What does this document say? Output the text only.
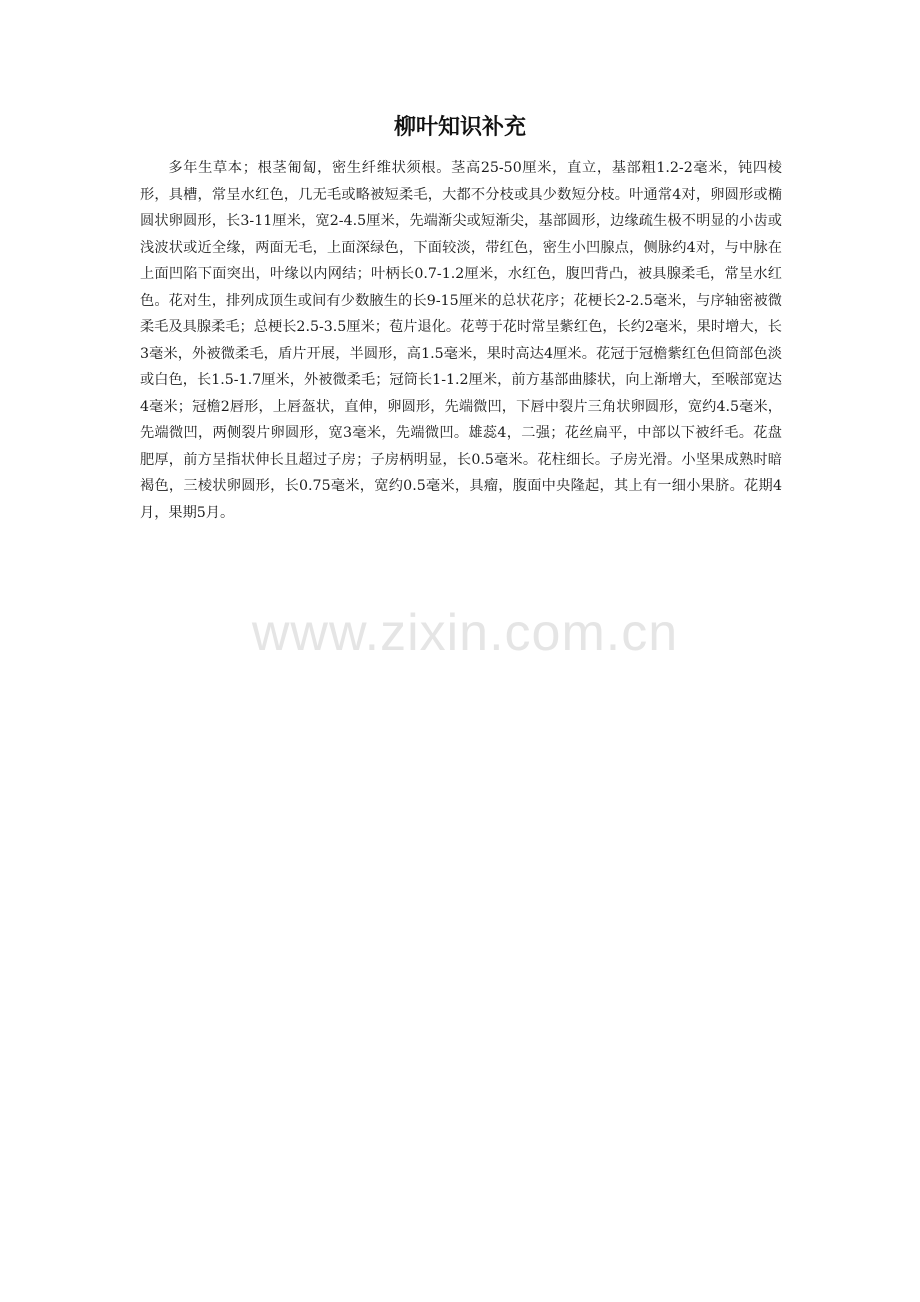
柳叶知识补充

多年生草本；根茎匍匐，密生纤维状须根。茎高25-50厘米，直立，基部粗1.2-2毫米，钝四棱形，具槽，常呈水红色，几无毛或略被短柔毛，大都不分枝或具少数短分枝。叶通常4对，卵圆形或椭圆状卵圆形，长3-11厘米，宽2-4.5厘米，先端渐尖或短渐尖，基部圆形，边缘疏生极不明显的小齿或浅波状或近全缘，两面无毛，上面深绿色，下面较淡，带红色，密生小凹腺点，侧脉约4对，与中脉在上面凹陷下面突出，叶缘以内网结；叶柄长0.7-1.2厘米，水红色，腹凹背凸，被具腺柔毛，常呈水红色。花对生，排列成顶生或间有少数腋生的长9-15厘米的总状花序；花梗长2-2.5毫米，与序轴密被微柔毛及具腺柔毛；总梗长2.5-3.5厘米；苞片退化。花萼于花时常呈紫红色，长约2毫米，果时增大，长3毫米，外被微柔毛，盾片开展，半圆形，高1.5毫米，果时高达4厘米。花冠于冠檐紫红色但筒部色淡或白色，长1.5-1.7厘米，外被微柔毛；冠筒长1-1.2厘米，前方基部曲膝状，向上渐增大，至喉部宽达4毫米；冠檐2唇形，上唇盔状，直伸，卵圆形，先端微凹，下唇中裂片三角状卵圆形，宽约4.5毫米，先端微凹，两侧裂片卵圆形，宽3毫米，先端微凹。雄蕊4，二强；花丝扁平，中部以下被纤毛。花盘肥厚，前方呈指状伸长且超过子房；子房柄明显，长0.5毫米。花柱细长。子房光滑。小坚果成熟时暗褐色，三棱状卵圆形，长0.75毫米，宽约0.5毫米，具瘤，腹面中央隆起，其上有一细小果脐。花期4月，果期5月。

www.zixin.com.cn
